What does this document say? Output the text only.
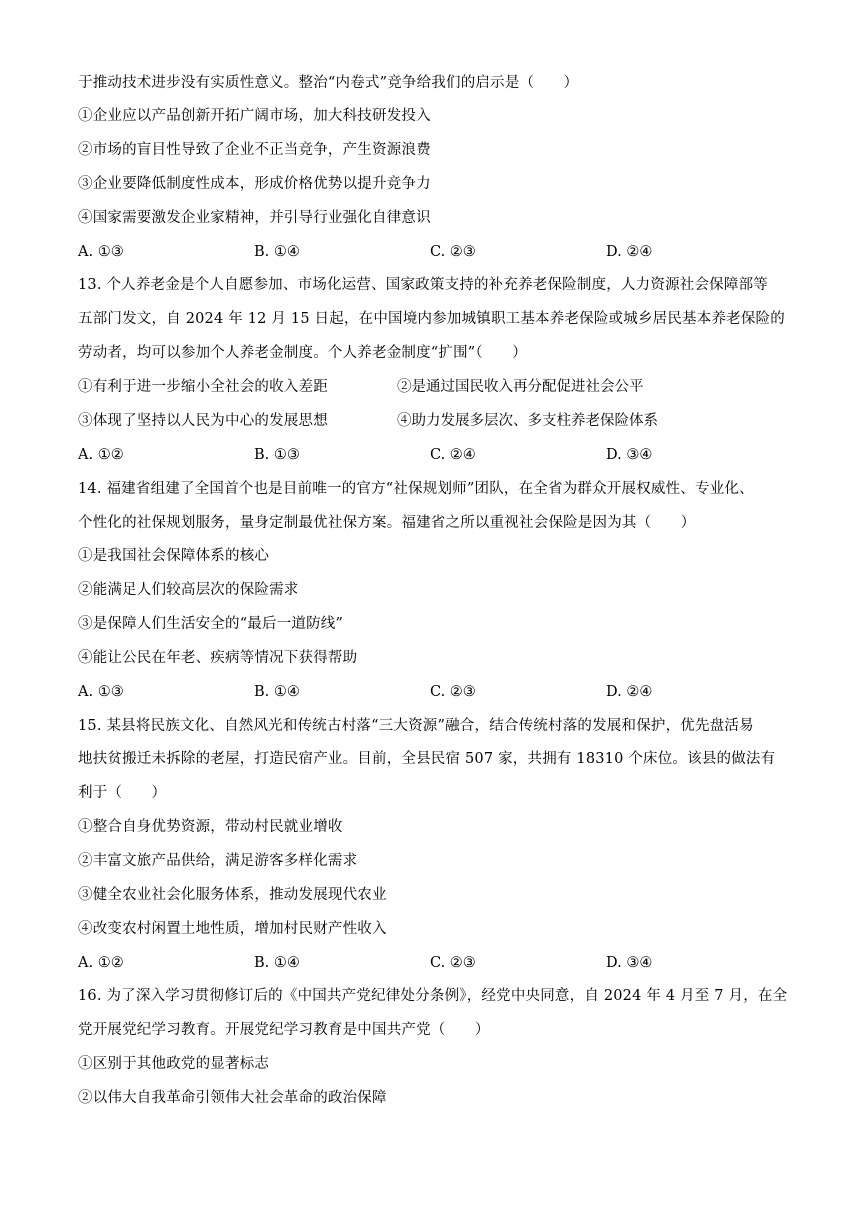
于推动技术进步没有实质性意义。整治“内卷式”竞争给我们的启示是（　　）
①企业应以产品创新开拓广阔市场，加大科技研发投入
②市场的盲目性导致了企业不正当竞争，产生资源浪费
③企业要降低制度性成本，形成价格优势以提升竞争力
④国家需要激发企业家精神，并引导行业强化自律意识
A. ①③	B. ①④	C. ②③	D. ②④
13. 个人养老金是个人自愿参加、市场化运营、国家政策支持的补充养老保险制度，人力资源社会保障部等
五部门发文，自 2024 年 12 月 15 日起，在中国境内参加城镇职工基本养老保险或城乡居民基本养老保险的
劳动者，均可以参加个人养老金制度。个人养老金制度“扩围”（　　）
①有利于进一步缩小全社会的收入差距	②是通过国民收入再分配促进社会公平
③体现了坚持以人民为中心的发展思想	④助力发展多层次、多支柱养老保险体系
A. ①②	B. ①③	C. ②④	D. ③④
14. 福建省组建了全国首个也是目前唯一的官方“社保规划师”团队，在全省为群众开展权威性、专业化、
个性化的社保规划服务，量身定制最优社保方案。福建省之所以重视社会保险是因为其（　　）
①是我国社会保障体系的核心
②能满足人们较高层次的保险需求
③是保障人们生活安全的“最后一道防线”
④能让公民在年老、疾病等情况下获得帮助
A. ①③	B. ①④	C. ②③	D. ②④
15. 某县将民族文化、自然风光和传统古村落“三大资源”融合，结合传统村落的发展和保护，优先盘活易
地扶贫搬迁未拆除的老屋，打造民宿产业。目前，全县民宿 507 家，共拥有 18310 个床位。该县的做法有
利于（　　）
①整合自身优势资源，带动村民就业增收
②丰富文旅产品供给，满足游客多样化需求
③健全农业社会化服务体系，推动发展现代农业
④改变农村闲置土地性质，增加村民财产性收入
A. ①②	B. ①④	C. ②③	D. ③④
16. 为了深入学习贯彻修订后的《中国共产党纪律处分条例》，经党中央同意，自 2024 年 4 月至 7 月，在全
党开展党纪学习教育。开展党纪学习教育是中国共产党（　　）
①区别于其他政党的显著标志
②以伟大自我革命引领伟大社会革命的政治保障
